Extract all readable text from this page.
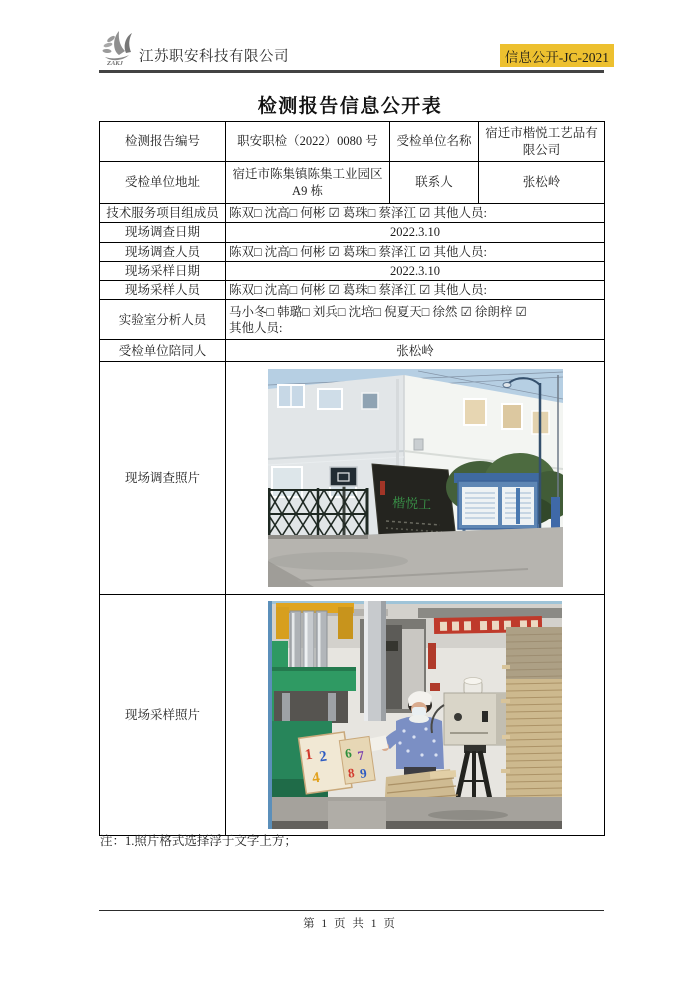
ZAKJ 江苏职安科技有限公司	信息公开-JC-2021
检测报告信息公开表
检测报告编号	职安职检（2022）0080 号	受检单位名称	宿迁市楷悦工艺品有限公司
受检单位地址	宿迁市陈集镇陈集工业园区A9 栋	联系人	张松岭
技术服务项目组成员	陈双□ 沈高□ 何彬 ☑ 葛珠□ 蔡泽江 ☑ 其他人员:		
现场调查日期	2022.3.10		
现场调查人员	陈双□ 沈高□ 何彬 ☑ 葛珠□ 蔡泽江 ☑ 其他人员:		
现场采样日期	2022.3.10		
现场采样人员	陈双□ 沈高□ 何彬 ☑ 葛珠□ 蔡泽江 ☑ 其他人员:		
实验室分析人员	马小冬□ 韩璐□ 刘兵□ 沈培□ 倪夏天□ 徐然 ☑ 徐朗梓 ☑
其他人员:		

受检单位陪同人	张松岭		
现场调查照片	楷悦工		

现场采样照片	
1 2
4
6 7
8 9
注：1.照片格式选择浮于文字上方；
第 1 页 共 1 页
